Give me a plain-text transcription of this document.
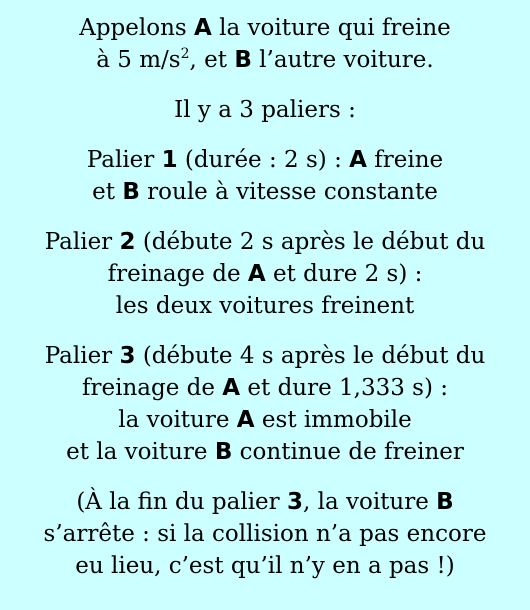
Appelons A la voiture qui freine
à 5 $m/s^2$, et B l’autre voiture.

Il y a 3 paliers :

Palier 1 (durée : 2 s) : A freine
et B roule à vitesse constante

Palier 2 (débute 2 s après le début du
freinage de A et dure 2 s) :
les deux voitures freinent

Palier 3 (débute 4 s après le début du
freinage de A et dure 1,333 s) :
la voiture A est immobile
et la voiture B continue de freiner

(À la fin du palier 3, la voiture B
s’arrête : si la collision n’a pas encore
eu lieu, c’est qu’il n’y en a pas !)
